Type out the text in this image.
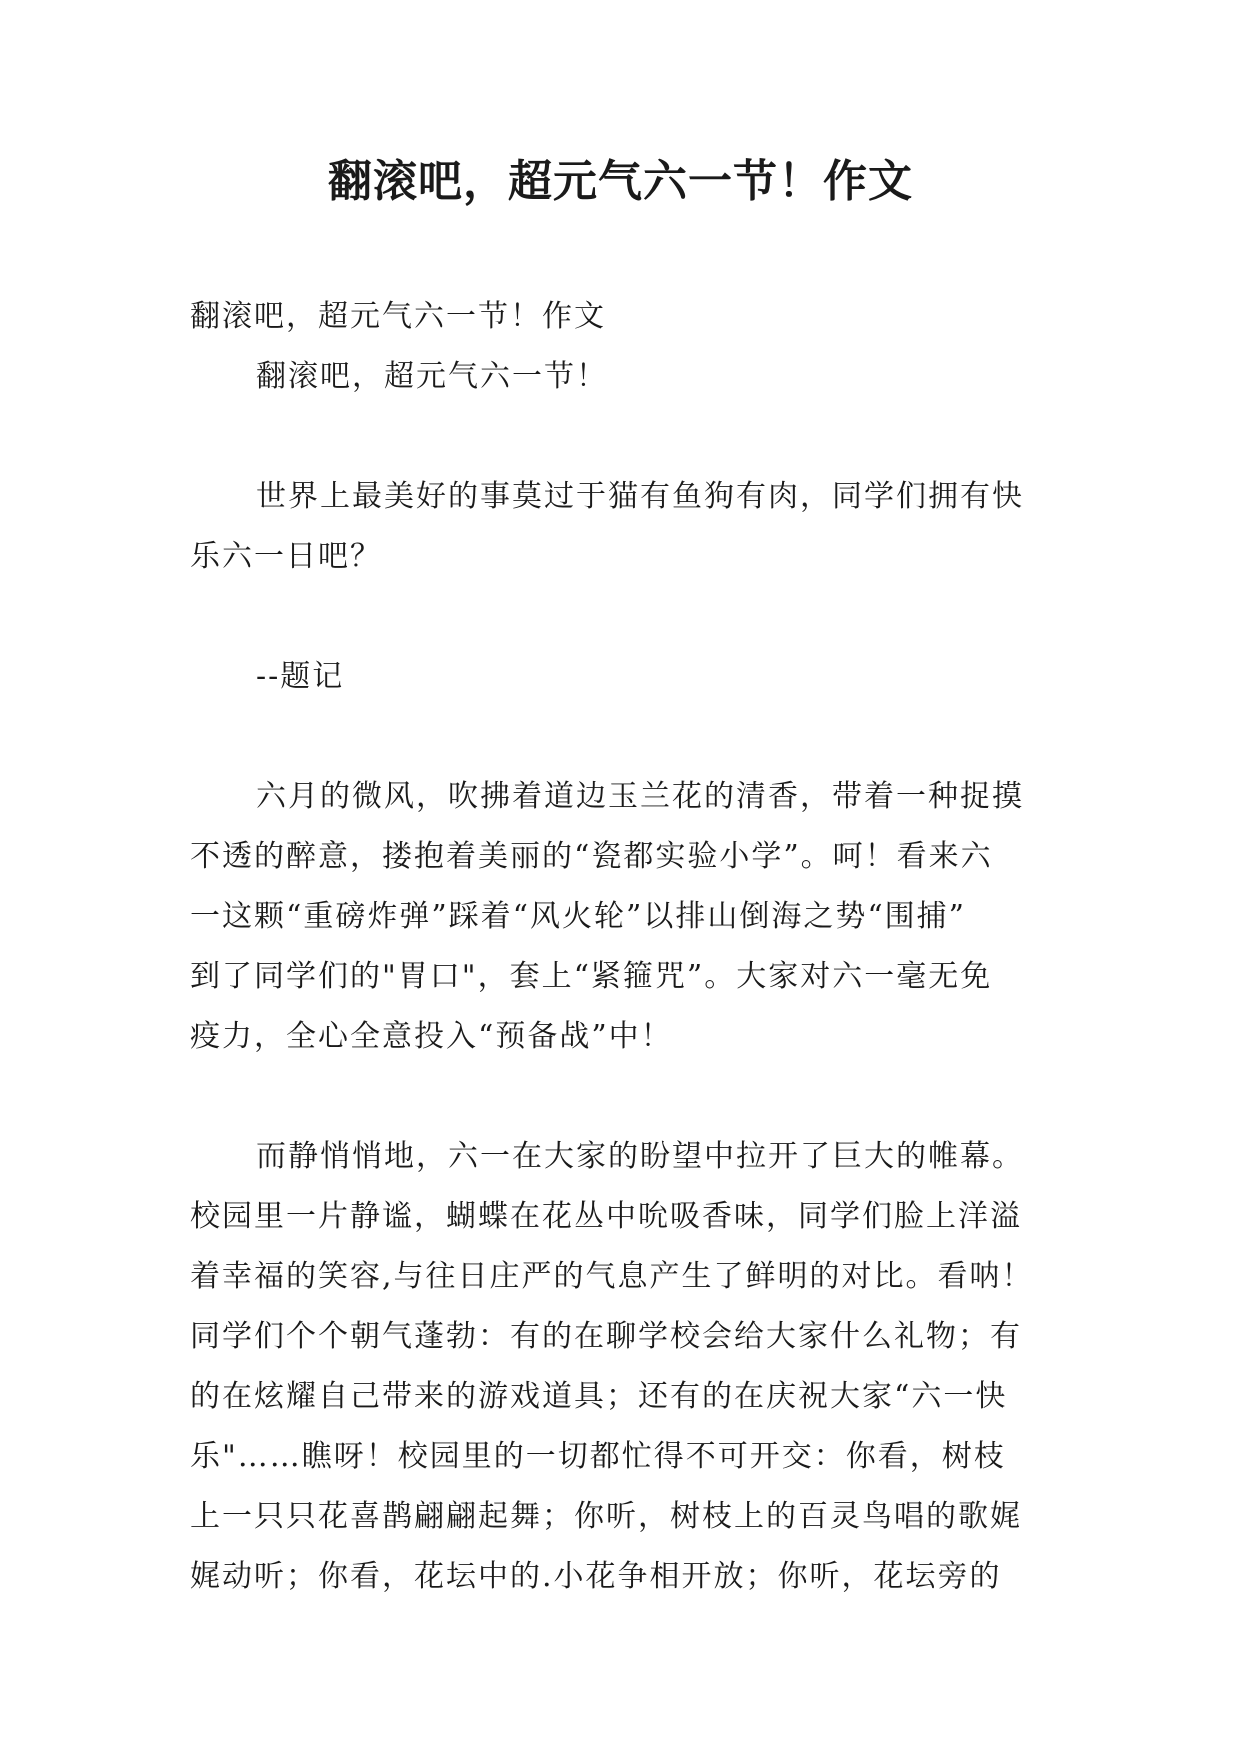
翻滚吧，超元气六一节！作文
翻滚吧，超元气六一节！作文
翻滚吧，超元气六一节！
世界上最美好的事莫过于猫有鱼狗有肉，同学们拥有快
乐六一日吧？
--题记
六月的微风，吹拂着道边玉兰花的清香，带着一种捉摸
不透的醉意，搂抱着美丽的“瓷都实验小学”。呵！看来六
一这颗“重磅炸弹”踩着“风火轮”以排山倒海之势“围捕”
到了同学们的"胃口"，套上“紧箍咒”。大家对六一毫无免
疫力，全心全意投入“预备战”中！
而静悄悄地，六一在大家的盼望中拉开了巨大的帷幕。
校园里一片静谧，蝴蝶在花丛中吮吸香味，同学们脸上洋溢
着幸福的笑容,与往日庄严的气息产生了鲜明的对比。看呐！
同学们个个朝气蓬勃：有的在聊学校会给大家什么礼物；有
的在炫耀自己带来的游戏道具；还有的在庆祝大家“六一快
乐"……瞧呀！校园里的一切都忙得不可开交：你看，树枝
上一只只花喜鹊翩翩起舞；你听，树枝上的百灵鸟唱的歌娓
娓动听；你看，花坛中的.小花争相开放；你听，花坛旁的
